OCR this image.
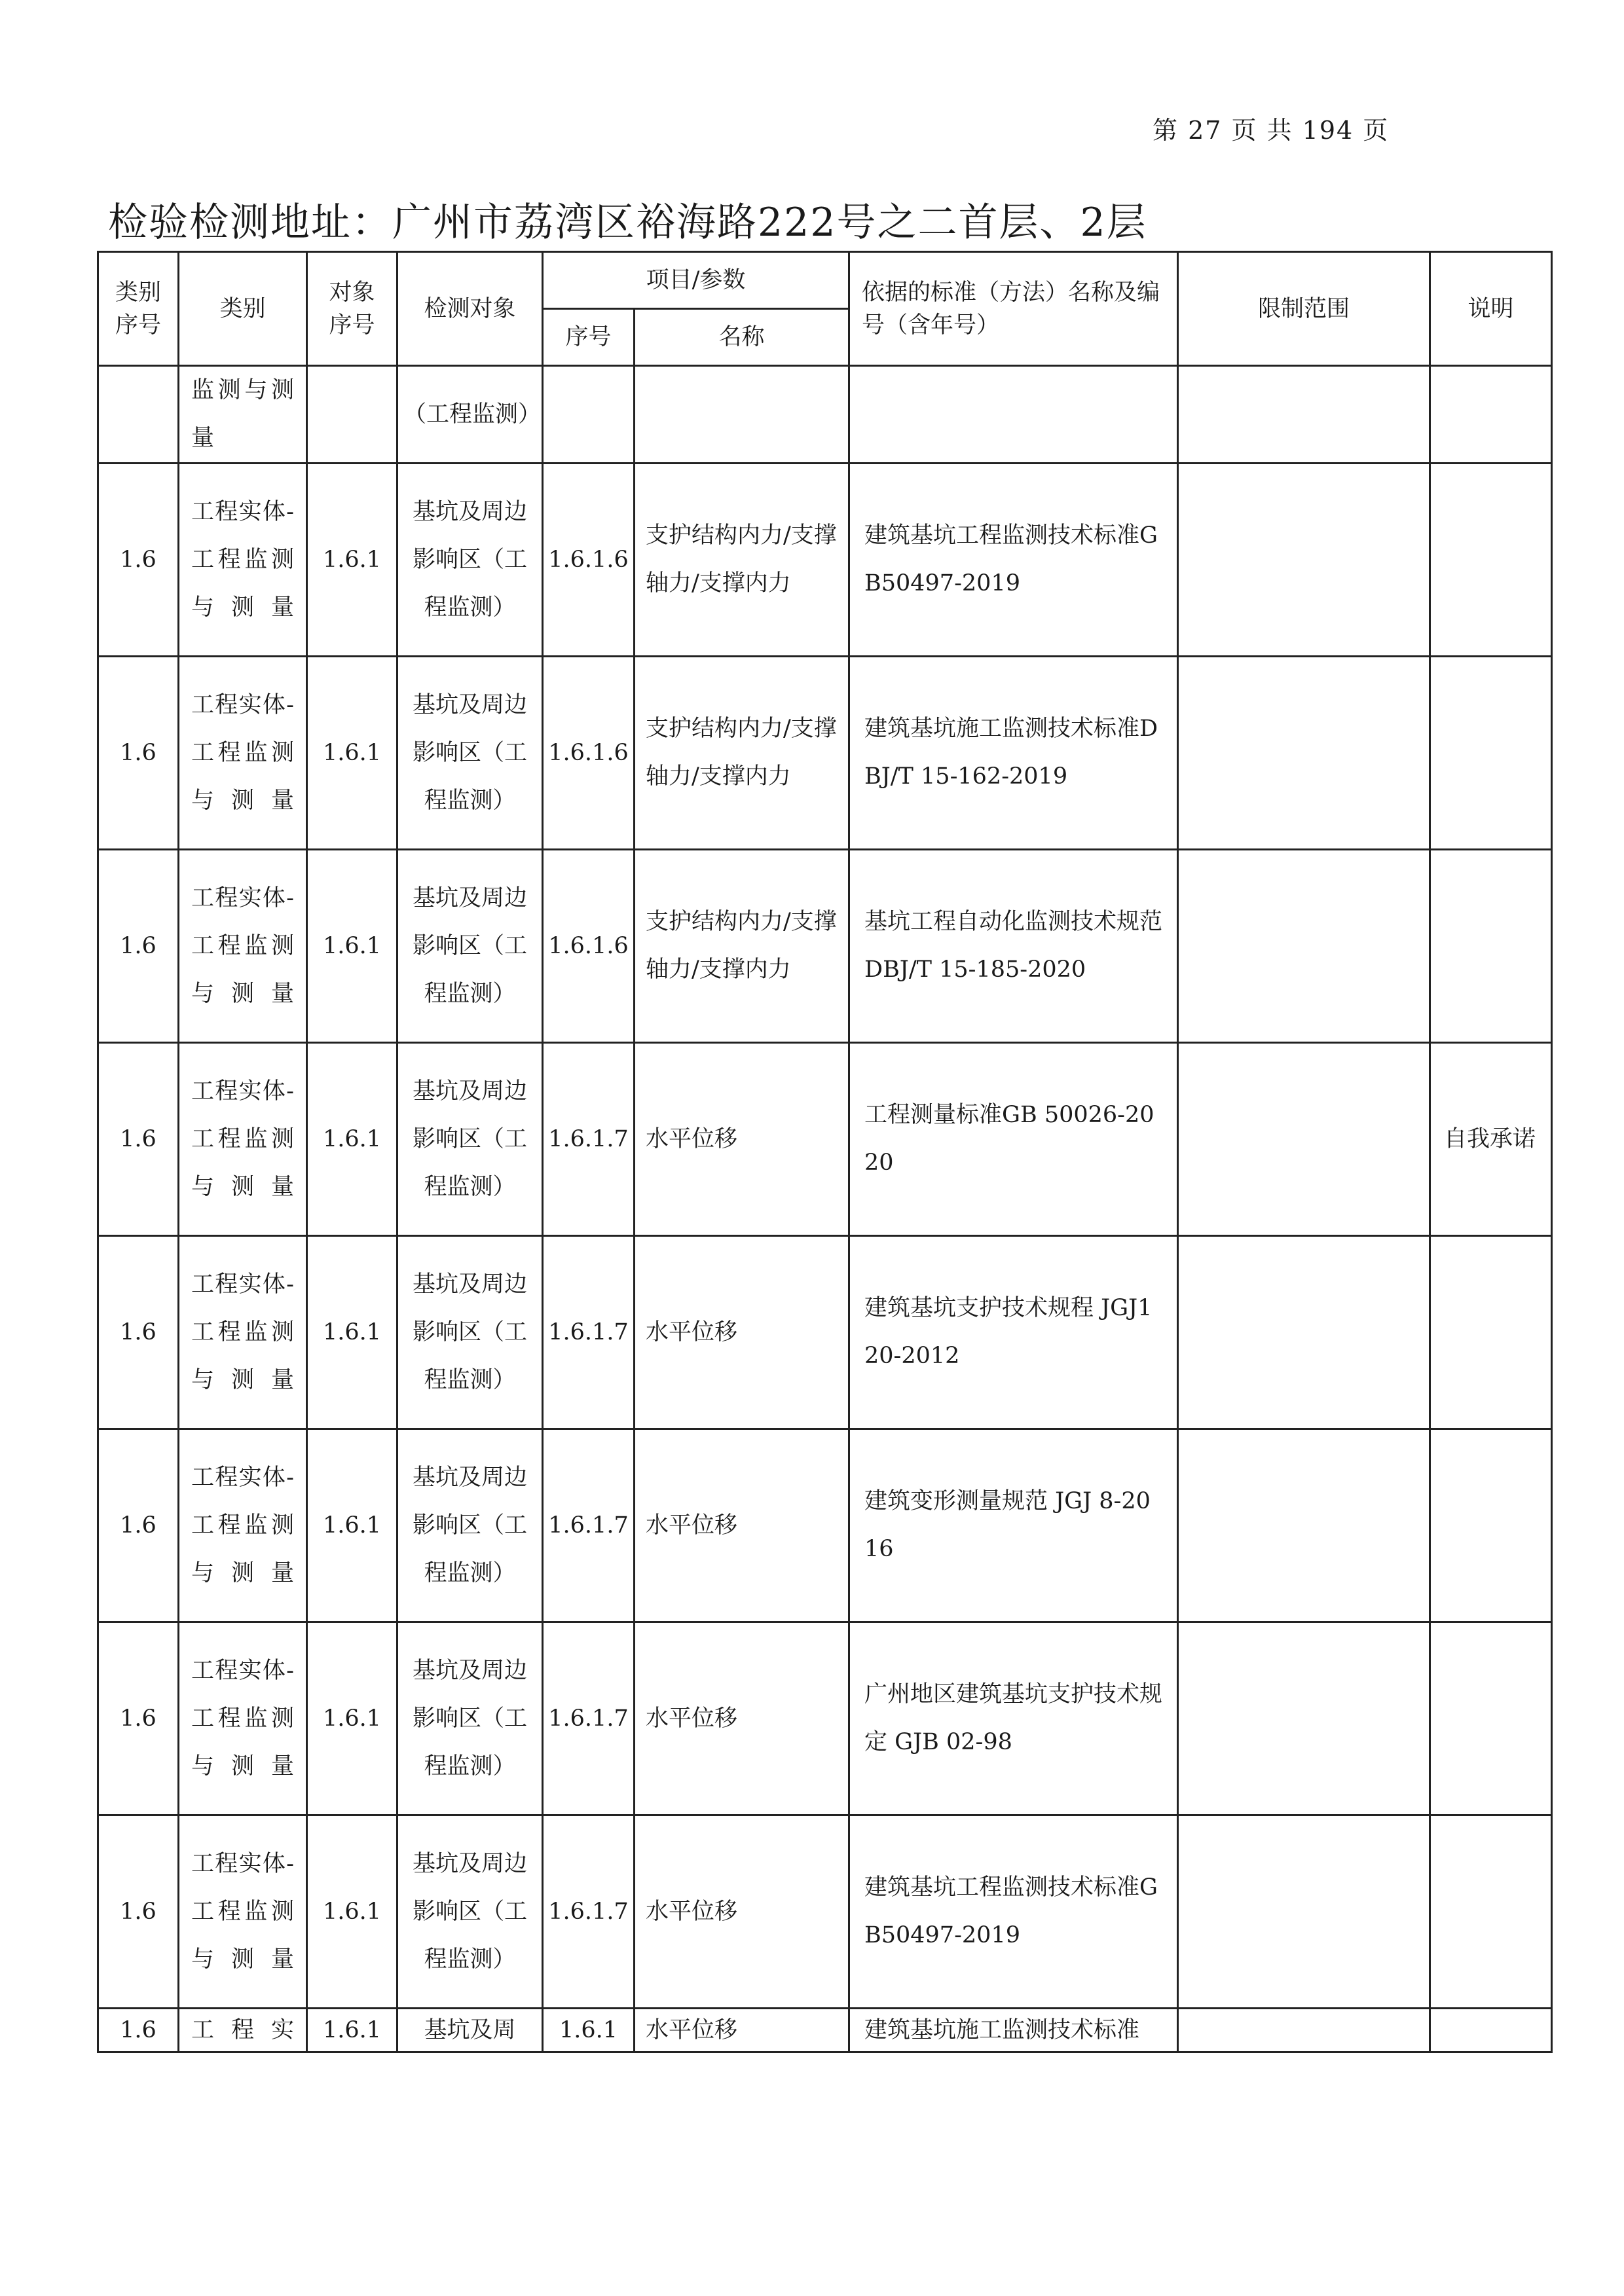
第 27 页 共 194 页
检验检测地址：广州市荔湾区裕海路222号之二首层、2层
类别序号	类别	对象序号	检测对象	项目/参数		依据的标准（方法）名称及编号（含年号）	限制范围	说明
				序号	名称			

	监测与测量		（工程监测）					

1.6	工程实体-工程监测与测量	1.6.1	基坑及周边影响区（工程监测）	1.6.1.6	支护结构内力/支撑轴力/支撑内力	建筑基坑工程监测技术标准GB50497-2019		

1.6	工程实体-工程监测与测量	1.6.1	基坑及周边影响区（工程监测）	1.6.1.6	支护结构内力/支撑轴力/支撑内力	建筑基坑施工监测技术标准DBJ/T 15-162-2019		

1.6	工程实体-工程监测与测量	1.6.1	基坑及周边影响区（工程监测）	1.6.1.6	支护结构内力/支撑轴力/支撑内力	基坑工程自动化监测技术规范 DBJ/T 15-185-2020		

1.6	工程实体-工程监测与测量	1.6.1	基坑及周边影响区（工程监测）	1.6.1.7	水平位移	工程测量标准GB 50026-2020		自我承诺

1.6	工程实体-工程监测与测量	1.6.1	基坑及周边影响区（工程监测）	1.6.1.7	水平位移	建筑基坑支护技术规程 JGJ120-2012		

1.6	工程实体-工程监测与测量	1.6.1	基坑及周边影响区（工程监测）	1.6.1.7	水平位移	建筑变形测量规范 JGJ 8-2016		

1.6	工程实体-工程监测与测量	1.6.1	基坑及周边影响区（工程监测）	1.6.1.7	水平位移	广州地区建筑基坑支护技术规定 GJB 02-98		

1.6	工程实体-工程监测与测量	1.6.1	基坑及周边影响区（工程监测）	1.6.1.7	水平位移	建筑基坑工程监测技术标准GB50497-2019		

1.6	工程实	1.6.1	基坑及周	1.6.1	水平位移	建筑基坑施工监测技术标准		
